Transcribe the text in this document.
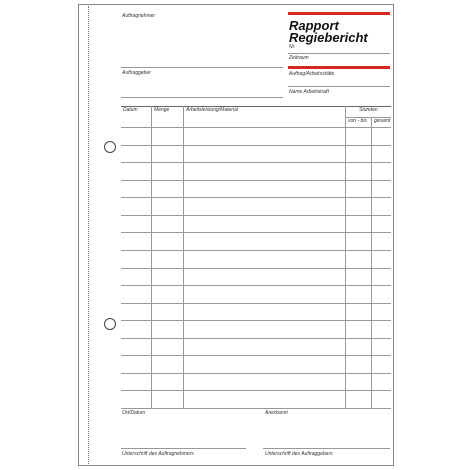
Auftragnehmer
Auftraggeber
Rapport
Regiebericht
Nr.
Zeitraum
Auftrag/Arbeitsstätte
Name Arbeitskraft
Datum	Menge	Arbeitsleistung/Material	Stunden
von - bis gesamt
Ort/Datum	Anerkannt
Unterschrift des Auftragnehmers	Unterschrift des Auftraggebers
